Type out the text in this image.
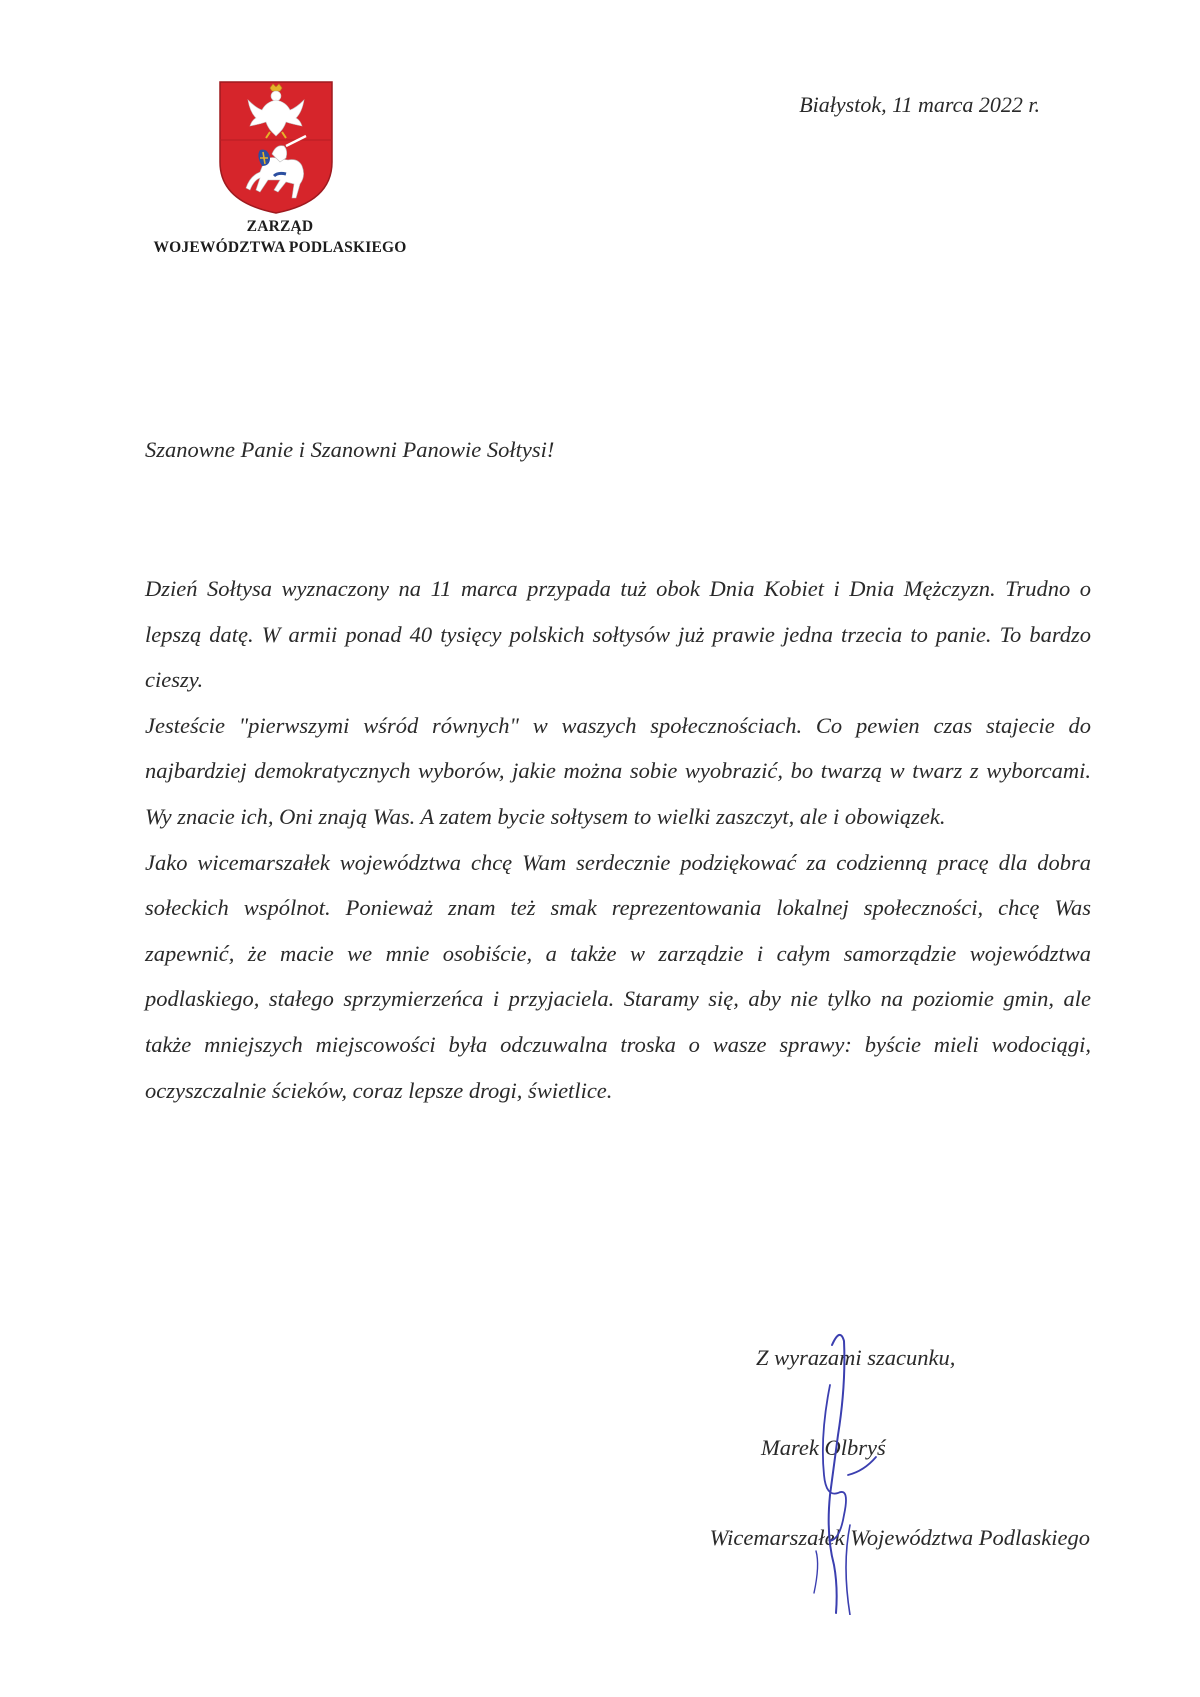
ZARZĄD
WOJEWÓDZTWA PODLASKIEGO
Białystok, 11 marca 2022 r.
Szanowne Panie i Szanowni Panowie Sołtysi!

Dzień Sołtysa wyznaczony na 11 marca przypada tuż obok Dnia Kobiet i Dnia Mężczyzn. Trudno o lepszą datę. W armii ponad 40 tysięcy polskich sołtysów już prawie jedna trzecia to panie. To bardzo cieszy.

Jesteście "pierwszymi wśród równych" w waszych społecznościach. Co pewien czas stajecie do najbardziej demokratycznych wyborów, jakie można sobie wyobrazić, bo twarzą w twarz z wyborcami. Wy znacie ich, Oni znają Was. A zatem bycie sołtysem to wielki zaszczyt, ale i obowiązek.

Jako wicemarszałek województwa chcę Wam serdecznie podziękować za codzienną pracę dla dobra sołeckich wspólnot. Ponieważ znam też smak reprezentowania lokalnej społeczności, chcę Was zapewnić, że macie we mnie osobiście, a także w zarządzie i całym samorządzie województwa podlaskiego, stałego sprzymierzeńca i przyjaciela. Staramy się, aby nie tylko na poziomie gmin, ale także mniejszych miejscowości była odczuwalna troska o wasze sprawy: byście mieli wodociągi, oczyszczalnie ścieków, coraz lepsze drogi, świetlice.

Z wyrazami szacunku,
Marek Olbryś
Wicemarszałek Województwa Podlaskiego
